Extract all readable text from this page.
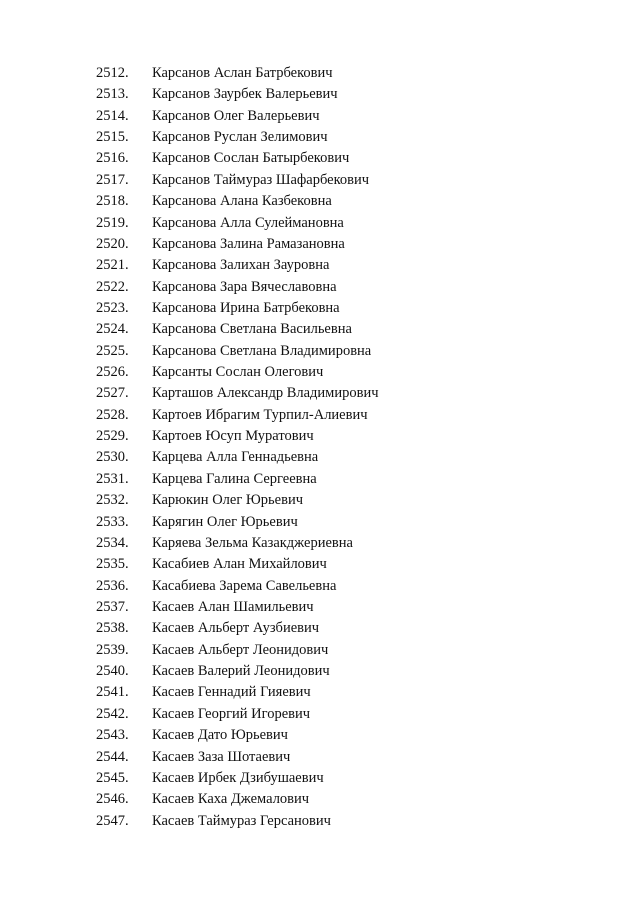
2512. Карсанов Аслан Батрбекович
2513. Карсанов Заурбек Валерьевич
2514. Карсанов Олег Валерьевич
2515. Карсанов Руслан Зелимович
2516. Карсанов Сослан Батырбекович
2517. Карсанов Таймураз Шафарбекович
2518. Карсанова Алана Казбековна
2519. Карсанова Алла Сулеймановна
2520. Карсанова Залина Рамазановна
2521. Карсанова Залихан Зауровна
2522. Карсанова Зара Вячеславовна
2523. Карсанова Ирина Батрбековна
2524. Карсанова Светлана Васильевна
2525. Карсанова Светлана Владимировна
2526. Карсанты Сослан Олегович
2527. Карташов Александр Владимирович
2528. Картоев Ибрагим Турпил-Алиевич
2529. Картоев Юсуп Муратович
2530. Карцева Алла Геннадьевна
2531. Карцева Галина Сергеевна
2532. Карюкин Олег Юрьевич
2533. Карягин Олег Юрьевич
2534. Каряева Зельма Казакджериевна
2535. Касабиев Алан Михайлович
2536. Касабиева Зарема Савельевна
2537. Касаев Алан Шамильевич
2538. Касаев Альберт Аузбиевич
2539. Касаев Альберт Леонидович
2540. Касаев Валерий Леонидович
2541. Касаев Геннадий Гияевич
2542. Касаев Георгий Игоревич
2543. Касаев Дато Юрьевич
2544. Касаев Заза Шотаевич
2545. Касаев Ирбек Дзибушаевич
2546. Касаев Каха Джемалович
2547. Касаев Таймураз Герсанович
